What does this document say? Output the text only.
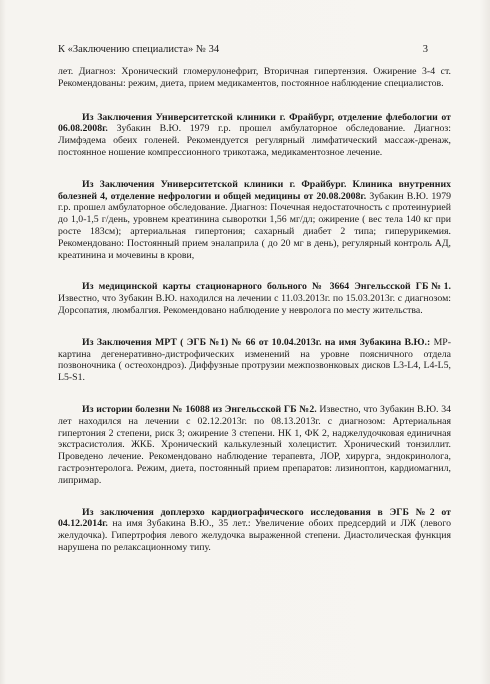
К «Заключению специалиста» № 34	3

лет. Диагноз: Хронический гломерулонефрит, Вторичная гипертензия. Ожирение 3-4 ст. Рекомендованы: режим, диета, прием медикаментов, постоянное наблюдение специалистов.

Из Заключения Университетской клиники г. Фрайбург, отделение флебологии от 06.08.2008г. Зубакин В.Ю. 1979 г.р. прошел амбулаторное обследование. Диагноз: Лимфэдема обеих голеней. Рекомендуется регулярный лимфатический массаж-дренаж, постоянное ношение компрессионного трикотажа, медикаментозное лечение.

Из Заключения Университетской клиники г. Фрайбург. Клиника внутренних болезней 4, отделение нефрологии и общей медицины от 20.08.2008г. Зубакин В.Ю. 1979 г.р. прошел амбулаторное обследование. Диагноз: Почечная недостаточность с протеинурией до 1,0-1,5 г/день, уровнем креатинина сыворотки 1,56 мг/дл; ожирение ( вес тела 140 кг при росте 183см); артериальная гипертония; сахарный диабет 2 типа; гиперурикемия. Рекомендовано: Постоянный прием эналаприла ( до 20 мг в день), регулярный контроль АД, креатинина и мочевины в крови,

Из медицинской карты стационарного больного № 3664 Энгельсской ГБ№1. Известно, что Зубакин В.Ю. находился на лечении с 11.03.2013г. по 15.03.2013г. с диагнозом: Дорсопатия, люмбалгия. Рекомендовано наблюдение у невролога по месту жительства.

Из Заключения МРТ ( ЭГБ №1) № 66 от 10.04.2013г. на имя Зубакина В.Ю.: МР- картина дегенеративно-дистрофических изменений на уровне поясничного отдела позвоночника ( остеохондроз). Диффузные протрузии межпозвонковых дисков L3-L4, L4-L5, L5-S1.

Из истории болезни № 16088 из Энгельсской ГБ №2. Известно, что Зубакин В.Ю. 34 лет находился на лечении с 02.12.2013г. по 08.13.2013г. с диагнозом: Артериальная гипертония 2 степени, риск 3; ожирение 3 степени. НК 1, ФК 2, наджелудочковая единичная экстрасистолия. ЖКБ. Хронический калькулезный холецистит. Хронический тонзиллит. Проведено лечение. Рекомендовано наблюдение терапевта, ЛОР, хирурга, эндокринолога, гастроэнтеролога. Режим, диета, постоянный прием препаратов: лизиноптон, кардиомагнил, липримар.

Из заключения доплерэхо кардиографического исследования в ЭГБ №2 от 04.12.2014г. на имя Зубакина В.Ю., 35 лет.: Увеличение обоих предсердий и ЛЖ (левого желудочка). Гипертрофия левого желудочка выраженной степени. Диастолическая функция нарушена по релаксационному типу.
